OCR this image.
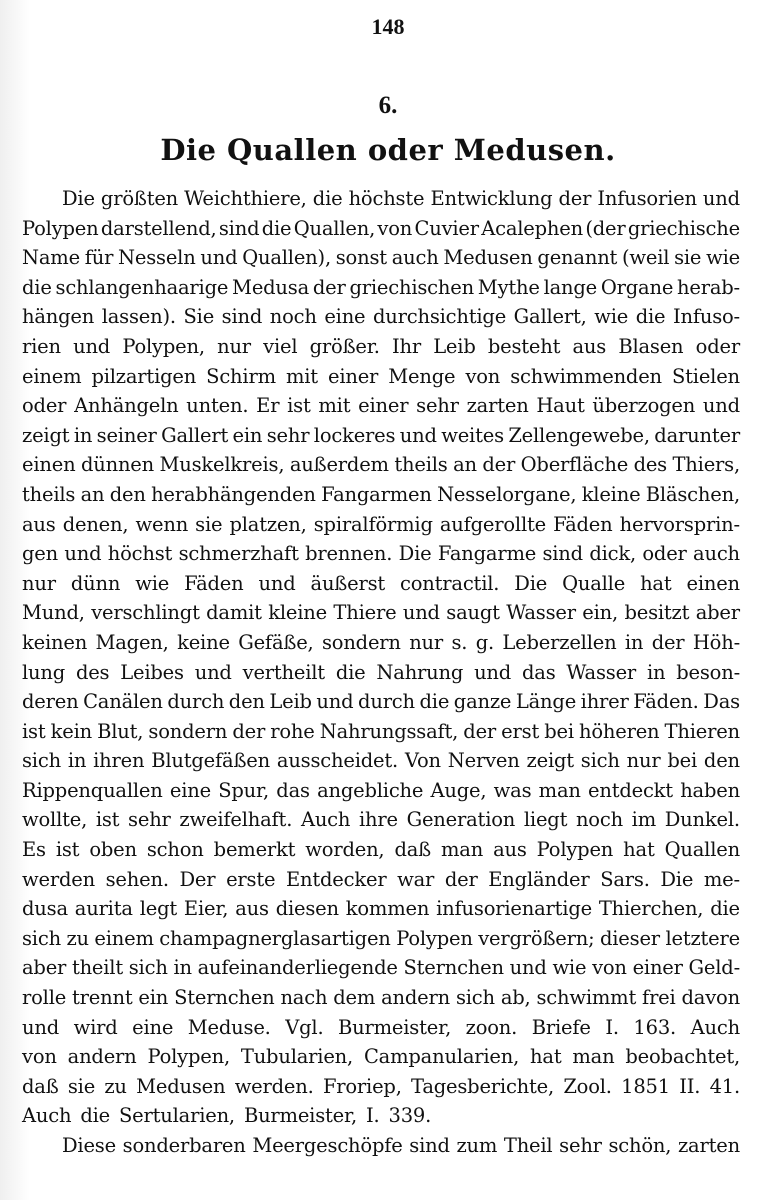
148
6.
Die Quallen oder Medusen.
Die größten Weichthiere, die höchste Entwicklung der Infusorien und
Polypen darstellend, sind die Quallen, von Cuvier Acalephen (der griechische
Name für Nesseln und Quallen), sonst auch Medusen genannt (weil sie wie
die schlangenhaarige Medusa der griechischen Mythe lange Organe herab-
hängen lassen). Sie sind noch eine durchsichtige Gallert, wie die Infuso-
rien und Polypen, nur viel größer. Ihr Leib besteht aus Blasen oder
einem pilzartigen Schirm mit einer Menge von schwimmenden Stielen
oder Anhängeln unten. Er ist mit einer sehr zarten Haut überzogen und
zeigt in seiner Gallert ein sehr lockeres und weites Zellengewebe, darunter
einen dünnen Muskelkreis, außerdem theils an der Oberfläche des Thiers,
theils an den herabhängenden Fangarmen Nesselorgane, kleine Bläschen,
aus denen, wenn sie platzen, spiralförmig aufgerollte Fäden hervorsprin-
gen und höchst schmerzhaft brennen. Die Fangarme sind dick, oder auch
nur dünn wie Fäden und äußerst contractil. Die Qualle hat einen
Mund, verschlingt damit kleine Thiere und saugt Wasser ein, besitzt aber
keinen Magen, keine Gefäße, sondern nur s. g. Leberzellen in der Höh-
lung des Leibes und vertheilt die Nahrung und das Wasser in beson-
deren Canälen durch den Leib und durch die ganze Länge ihrer Fäden. Das
ist kein Blut, sondern der rohe Nahrungssaft, der erst bei höheren Thieren
sich in ihren Blutgefäßen ausscheidet. Von Nerven zeigt sich nur bei den
Rippenquallen eine Spur, das angebliche Auge, was man entdeckt haben
wollte, ist sehr zweifelhaft. Auch ihre Generation liegt noch im Dunkel.
Es ist oben schon bemerkt worden, daß man aus Polypen hat Quallen
werden sehen. Der erste Entdecker war der Engländer Sars. Die me-
dusa aurita legt Eier, aus diesen kommen infusorienartige Thierchen, die
sich zu einem champagnerglasartigen Polypen vergrößern; dieser letztere
aber theilt sich in aufeinanderliegende Sternchen und wie von einer Geld-
rolle trennt ein Sternchen nach dem andern sich ab, schwimmt frei davon
und wird eine Meduse. Vgl. Burmeister, zoon. Briefe I. 163. Auch
von andern Polypen, Tubularien, Campanularien, hat man beobachtet,
daß sie zu Medusen werden. Froriep, Tagesberichte, Zool. 1851 II. 41.
Auch die Sertularien, Burmeister, I. 339.
Diese sonderbaren Meergeschöpfe sind zum Theil sehr schön, zarten
